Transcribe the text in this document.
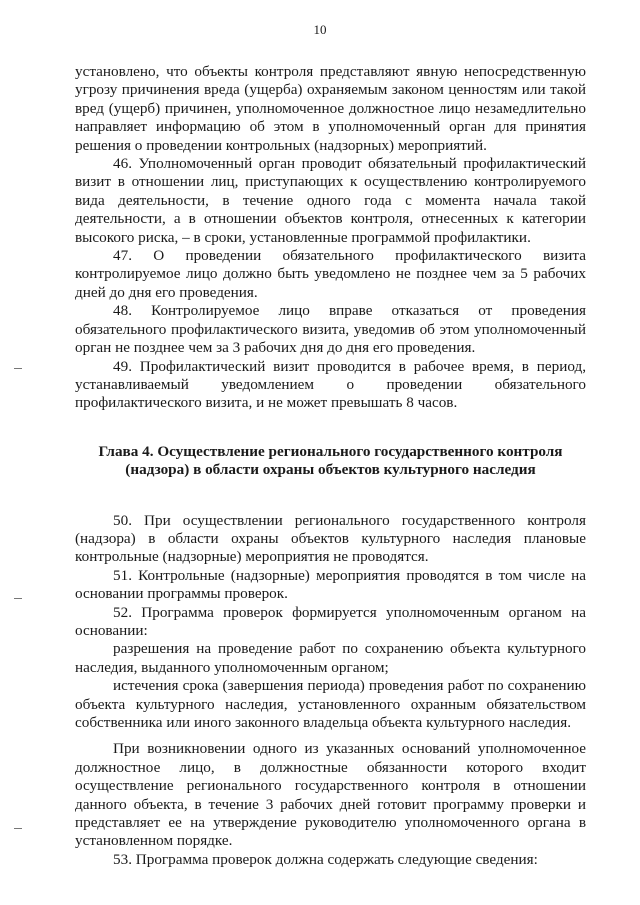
10

установлено, что объекты контроля представляют явную непосредственную угрозу причинения вреда (ущерба) охраняемым законом ценностям или такой вред (ущерб) причинен, уполномоченное должностное лицо незамедлительно направляет информацию об этом в уполномоченный орган для принятия решения о проведении контрольных (надзорных) мероприятий.

46. Уполномоченный орган проводит обязательный профилактический визит в отношении лиц, приступающих к осуществлению контролируемого вида деятельности, в течение одного года с момента начала такой деятельности, а в отношении объектов контроля, отнесенных к категории высокого риска, – в сроки, установленные программой профилактики.

47. О проведении обязательного профилактического визита контролируемое лицо должно быть уведомлено не позднее чем за 5 рабочих дней до дня его проведения.

48. Контролируемое лицо вправе отказаться от проведения обязательного профилактического визита, уведомив об этом уполномоченный орган не позднее чем за 3 рабочих дня до дня его проведения.

49. Профилактический визит проводится в рабочее время, в период, устанавливаемый уведомлением о проведении обязательного профилактического визита, и не может превышать 8 часов.

Глава 4. Осуществление регионального государственного контроля
(надзора) в области охраны объектов культурного наследия

50. При осуществлении регионального государственного контроля (надзора) в области охраны объектов культурного наследия плановые контрольные (надзорные) мероприятия не проводятся.

51. Контрольные (надзорные) мероприятия проводятся в том числе на основании программы проверок.

52. Программа проверок формируется уполномоченным органом на основании:

разрешения на проведение работ по сохранению объекта культурного наследия, выданного уполномоченным органом;

истечения срока (завершения периода) проведения работ по сохранению объекта культурного наследия, установленного охранным обязательством собственника или иного законного владельца объекта культурного наследия.

При возникновении одного из указанных оснований уполномоченное должностное лицо, в должностные обязанности которого входит осуществление регионального государственного контроля в отношении данного объекта, в течение 3 рабочих дней готовит программу проверки и представляет ее на утверждение руководителю уполномоченного органа в установленном порядке.

53. Программа проверок должна содержать следующие сведения:
